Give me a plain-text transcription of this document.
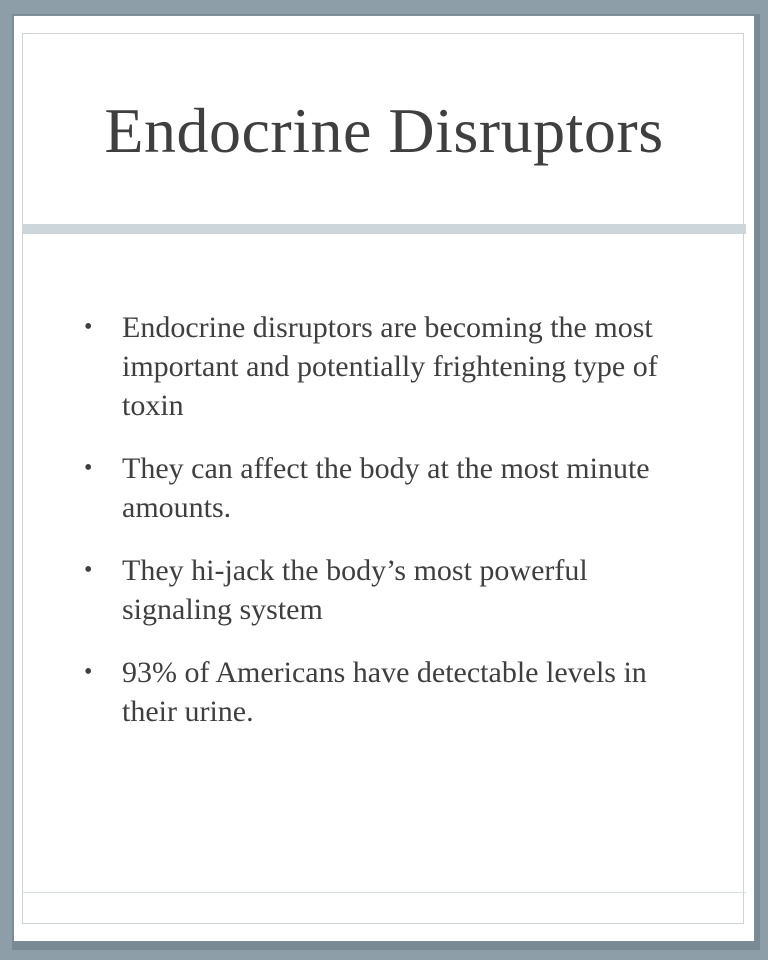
Endocrine Disruptors
• Endocrine disruptors are becoming the most important and potentially frightening type of toxin
• They can affect the body at the most minute amounts.
• They hi-jack the body’s most powerful signaling system
• 93% of Americans have detectable levels in their urine.
